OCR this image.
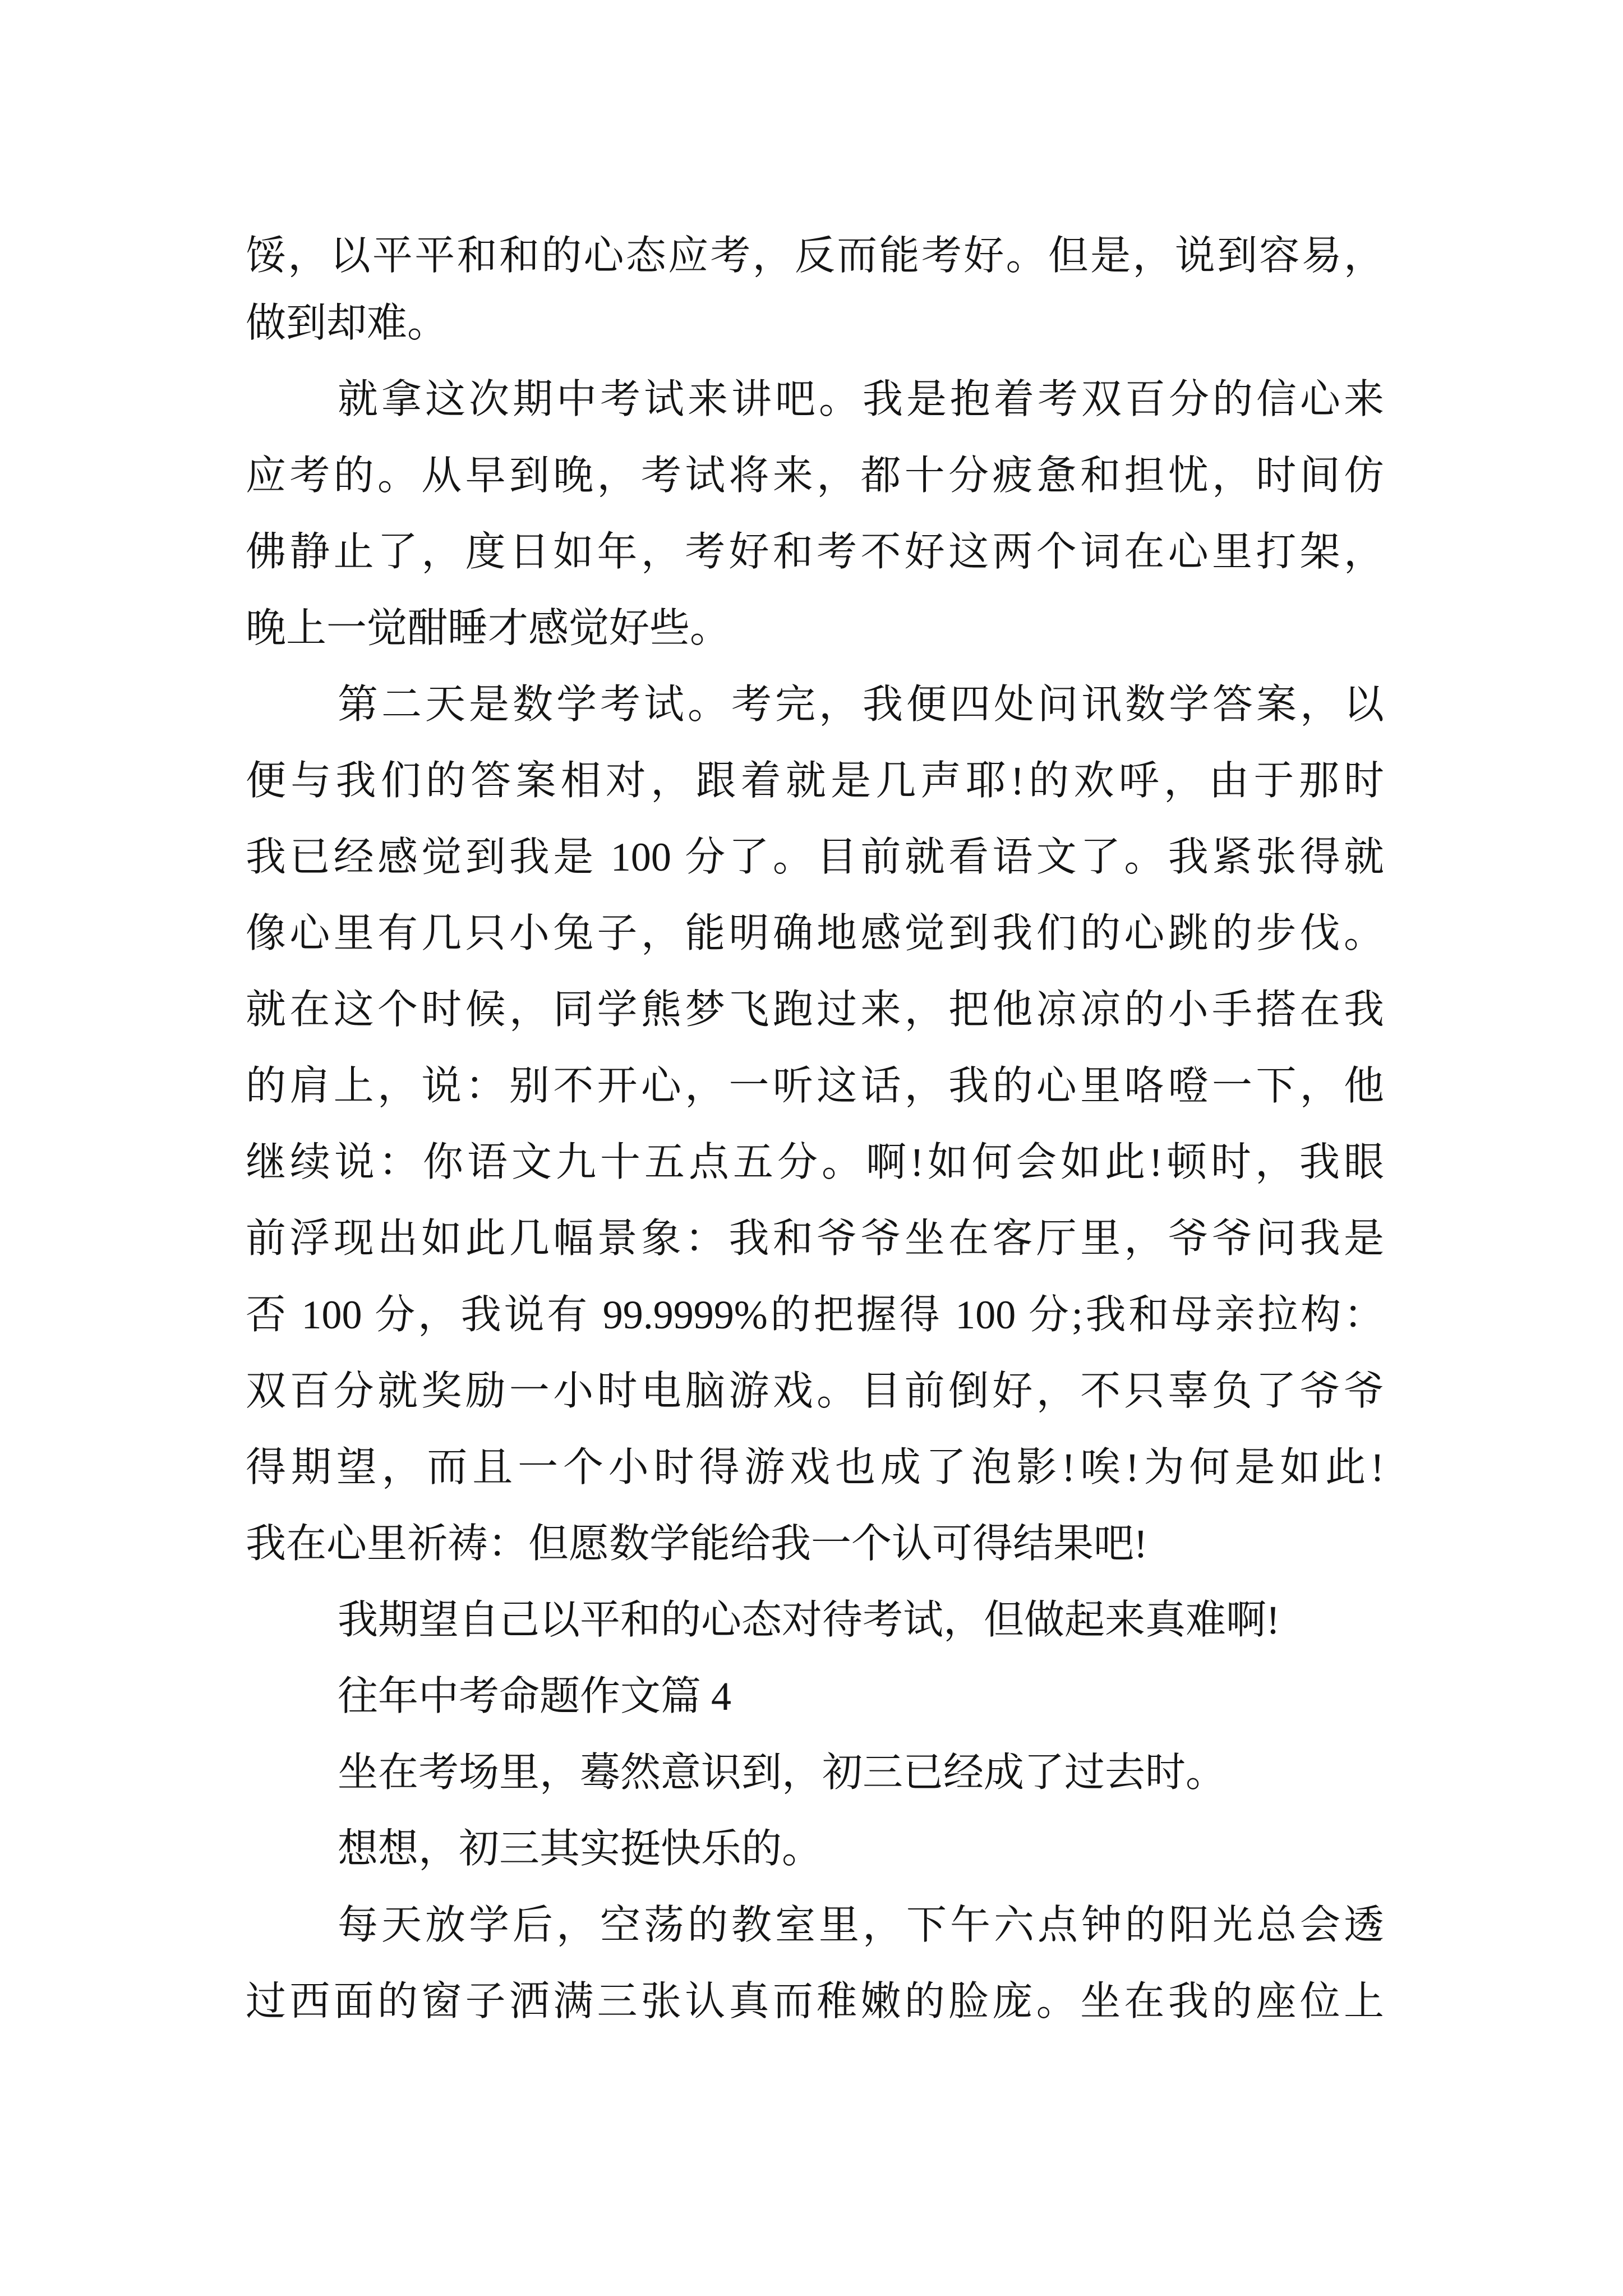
馁，以平平和和的心态应考，反而能考好。但是，说到容易，
做到却难。
就拿这次期中考试来讲吧。我是抱着考双百分的信心来
应考的。从早到晚，考试将来，都十分疲惫和担忧，时间仿
佛静止了，度日如年，考好和考不好这两个词在心里打架，
晚上一觉酣睡才感觉好些。
第二天是数学考试。考完，我便四处问讯数学答案，以
便与我们的答案相对，跟着就是几声耶!的欢呼，由于那时
我已经感觉到我是 100 分了。目前就看语文了。我紧张得就
像心里有几只小兔子，能明确地感觉到我们的心跳的步伐。
就在这个时候，同学熊梦飞跑过来，把他凉凉的小手搭在我
的肩上，说：别不开心，一听这话，我的心里咯噔一下，他
继续说：你语文九十五点五分。啊!如何会如此!顿时，我眼
前浮现出如此几幅景象：我和爷爷坐在客厅里，爷爷问我是
否 100 分，我说有 99.9999%的把握得 100 分;我和母亲拉构：
双百分就奖励一小时电脑游戏。目前倒好，不只辜负了爷爷
得期望，而且一个小时得游戏也成了泡影!唉!为何是如此!
我在心里祈祷：但愿数学能给我一个认可得结果吧!
我期望自己以平和的心态对待考试，但做起来真难啊!
往年中考命题作文篇 4
坐在考场里，蓦然意识到，初三已经成了过去时。
想想，初三其实挺快乐的。
每天放学后，空荡的教室里，下午六点钟的阳光总会透
过西面的窗子洒满三张认真而稚嫩的脸庞。坐在我的座位上
